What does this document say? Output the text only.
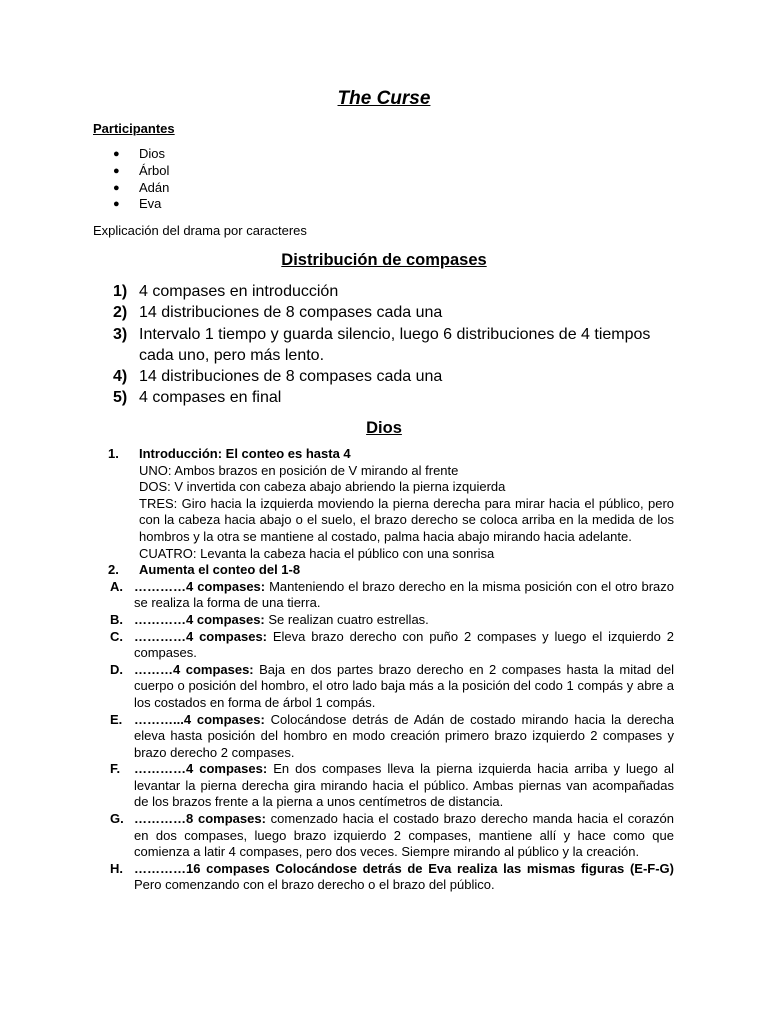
The Curse
Participantes
●	Dios
●	Árbol
●	Adán
●	Eva
Explicación del drama por caracteres
Distribución de compases
1) 4 compases en introducción
2) 14 distribuciones de 8 compases cada una
3) Intervalo 1 tiempo y guarda silencio, luego 6 distribuciones de 4 tiempos cada uno, pero más lento.
4) 14 distribuciones de 8 compases cada una
5) 4 compases en final
Dios
1.	Introducción: El conteo es hasta 4
UNO: Ambos brazos en posición de V mirando al frente
DOS: V invertida con cabeza abajo abriendo la pierna izquierda
TRES: Giro hacia la izquierda moviendo la pierna derecha para mirar hacia el público, pero con la cabeza hacia abajo o el suelo, el brazo derecho se coloca arriba en la medida de los hombros y la otra se mantiene al costado, palma hacia abajo mirando hacia adelante.
CUATRO: Levanta la cabeza hacia el público con una sonrisa
2.	Aumenta el conteo del 1-8
A. …………4 compases: Manteniendo el brazo derecho en la misma posición con el otro brazo se realiza la forma de una tierra.
B. …………4 compases: Se realizan cuatro estrellas.
C. …………4 compases: Eleva brazo derecho con puño 2 compases y luego el izquierdo 2 compases.
D. ………4 compases: Baja en dos partes brazo derecho en 2 compases hasta la mitad del cuerpo o posición del hombro, el otro lado baja más a la posición del codo 1 compás y abre a los costados en forma de árbol 1 compás.
E. ………...4 compases: Colocándose detrás de Adán de costado mirando hacia la derecha eleva hasta posición del hombro en modo creación primero brazo izquierdo 2 compases y brazo derecho 2 compases.
F.	…………4 compases: En dos compases lleva la pierna izquierda hacia arriba y luego al levantar la pierna derecha gira mirando hacia el público. Ambas piernas van acompañadas de los brazos frente a la pierna a unos centímetros de distancia.
G. …………8 compases: comenzado hacia el costado brazo derecho manda hacia el corazón en dos compases, luego brazo izquierdo 2 compases, mantiene allí y hace como que comienza a latir 4 compases, pero dos veces. Siempre mirando al público y la creación.
H. …………16 compases Colocándose detrás de Eva realiza las mismas figuras (E-F-G) Pero comenzando con el brazo derecho o el brazo del público.
